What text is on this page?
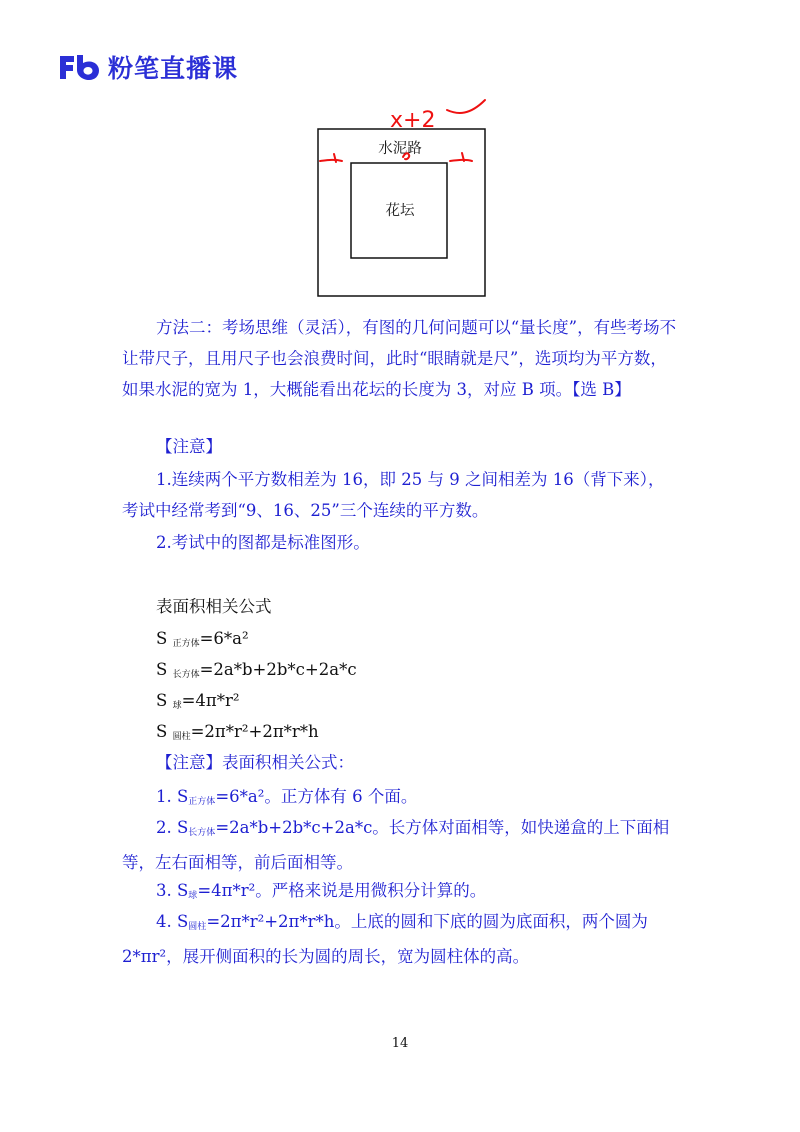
粉笔直播课
水泥路
花坛
x+2
方法二：考场思维（灵活），有图的几何问题可以“量长度”，有些考场不让带尺子，且用尺子也会浪费时间，此时“眼睛就是尺”，选项均为平方数，如果水泥的宽为 1，大概能看出花坛的长度为 3，对应 B 项。【选 B】
【注意】
1.连续两个平方数相差为 16，即 25 与 9 之间相差为 16（背下来），考试中经常考到“9、16、25”三个连续的平方数。
2.考试中的图都是标准图形。
表面积相关公式
S 正方体=6*a²
S 长方体=2a*b+2b*c+2a*c
S 球=4π*r²
S 圆柱=2π*r²+2π*r*h
【注意】表面积相关公式：
1. S正方体=6*a²。正方体有 6 个面。
2. S长方体=2a*b+2b*c+2a*c。长方体对面相等，如快递盒的上下面相等，左右面相等，前后面相等。
3. S球=4π*r²。严格来说是用微积分计算的。
4. S圆柱=2π*r²+2π*r*h。上底的圆和下底的圆为底面积，两个圆为 2*πr²，展开侧面积的长为圆的周长，宽为圆柱体的高。
14
